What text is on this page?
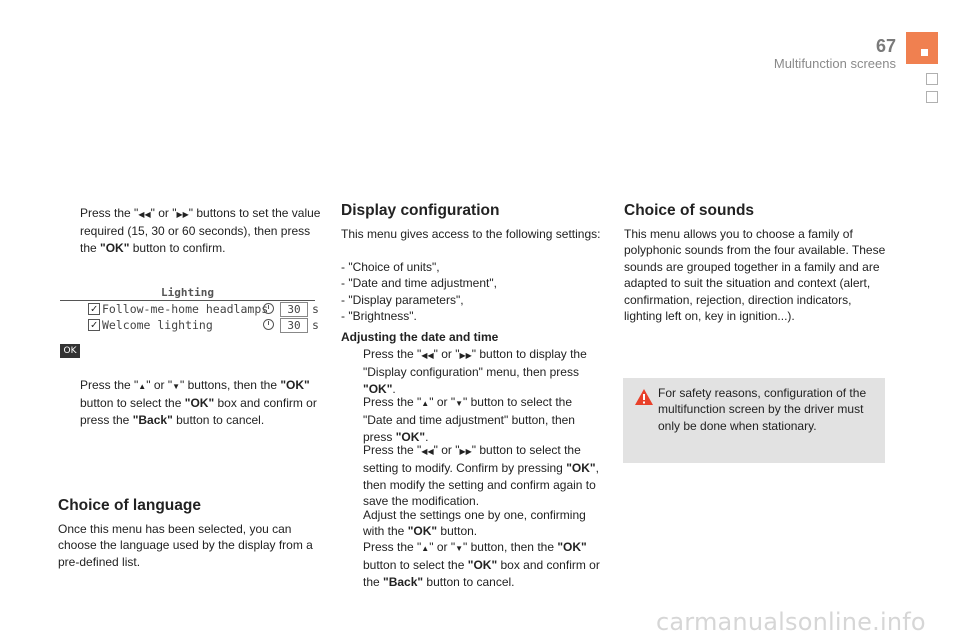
67
Multifunction screens
Press the "◀◀" or "▶▶" buttons to set the value required (15, 30 or 60 seconds), then press the "OK" button to confirm.
Lighting
✓ Follow-me-home headlamps	30 s
✓ Welcome lighting	30 s
OK
Press the "▲" or "▼" buttons, then the "OK" button to select the "OK" box and confirm or press the "Back" button to cancel.
Choice of language
Once this menu has been selected, you can choose the language used by the display from a pre-defined list.
Display configuration
This menu gives access to the following settings:
- "Choice of units",
- "Date and time adjustment",
- "Display parameters",
- "Brightness".
Adjusting the date and time
Press the "◀◀" or "▶▶" button to display the "Display configuration" menu, then press "OK".
Press the "▲" or "▼" button to select the "Date and time adjustment" button, then press "OK".
Press the "◀◀" or "▶▶" button to select the setting to modify. Confirm by pressing "OK", then modify the setting and confirm again to save the modification.
Adjust the settings one by one, confirming with the "OK" button.
Press the "▲" or "▼" button, then the "OK" button to select the "OK" box and confirm or the "Back" button to cancel.
Choice of sounds
This menu allows you to choose a family of polyphonic sounds from the four available. These sounds are grouped together in a family and are adapted to suit the situation and context (alert, confirmation, rejection, direction indicators, lighting left on, key in ignition...).
For safety reasons, configuration of the multifunction screen by the driver must only be done when stationary.
carmanualsonline.info
